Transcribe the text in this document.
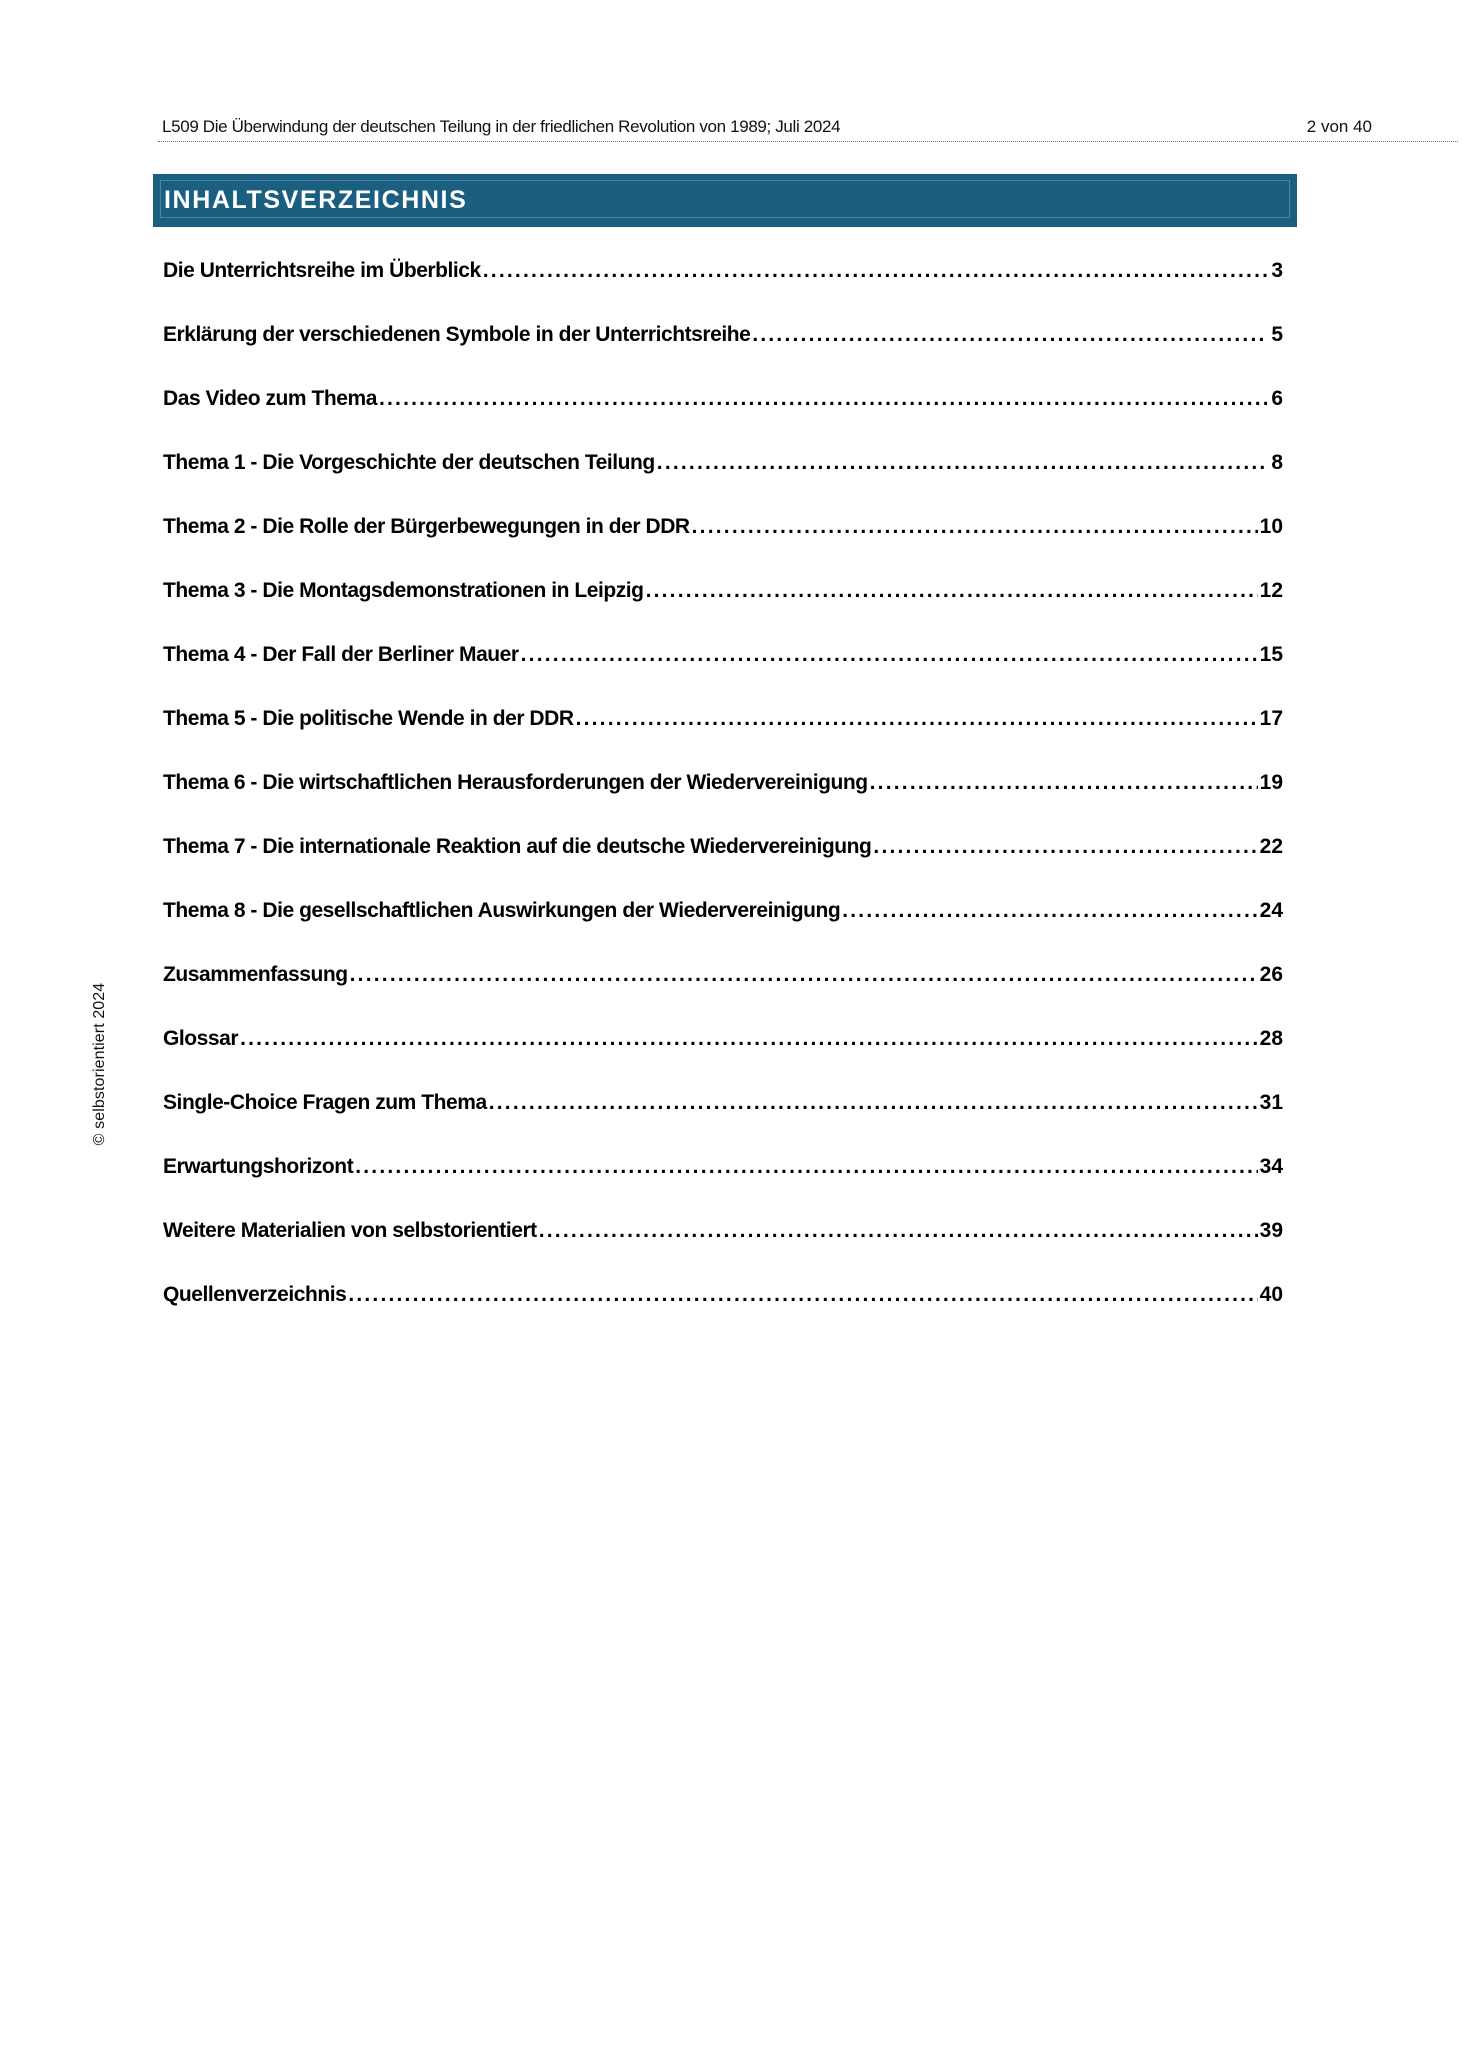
L509 Die Überwindung der deutschen Teilung in der friedlichen Revolution von 1989; Juli 2024	2 von 40
INHALTSVERZEICHNIS
Die Unterrichtsreihe im Überblick .....	3
Erklärung der verschiedenen Symbole in der Unterrichtsreihe .....	5
Das Video zum Thema .....	6
Thema 1 - Die Vorgeschichte der deutschen Teilung .....	8
Thema 2 - Die Rolle der Bürgerbewegungen in der DDR .....	10
Thema 3 - Die Montagsdemonstrationen in Leipzig .....	12
Thema 4 - Der Fall der Berliner Mauer .....	15
Thema 5 - Die politische Wende in der DDR .....	17
Thema 6 - Die wirtschaftlichen Herausforderungen der Wiedervereinigung .....	19
Thema 7 - Die internationale Reaktion auf die deutsche Wiedervereinigung .....	22
Thema 8 - Die gesellschaftlichen Auswirkungen der Wiedervereinigung .....	24
Zusammenfassung .....	26
Glossar .....	28
Single-Choice Fragen zum Thema .....	31
Erwartungshorizont .....	34
Weitere Materialien von selbstorientiert .....	39
Quellenverzeichnis .....	40
© selbstorientiert 2024
